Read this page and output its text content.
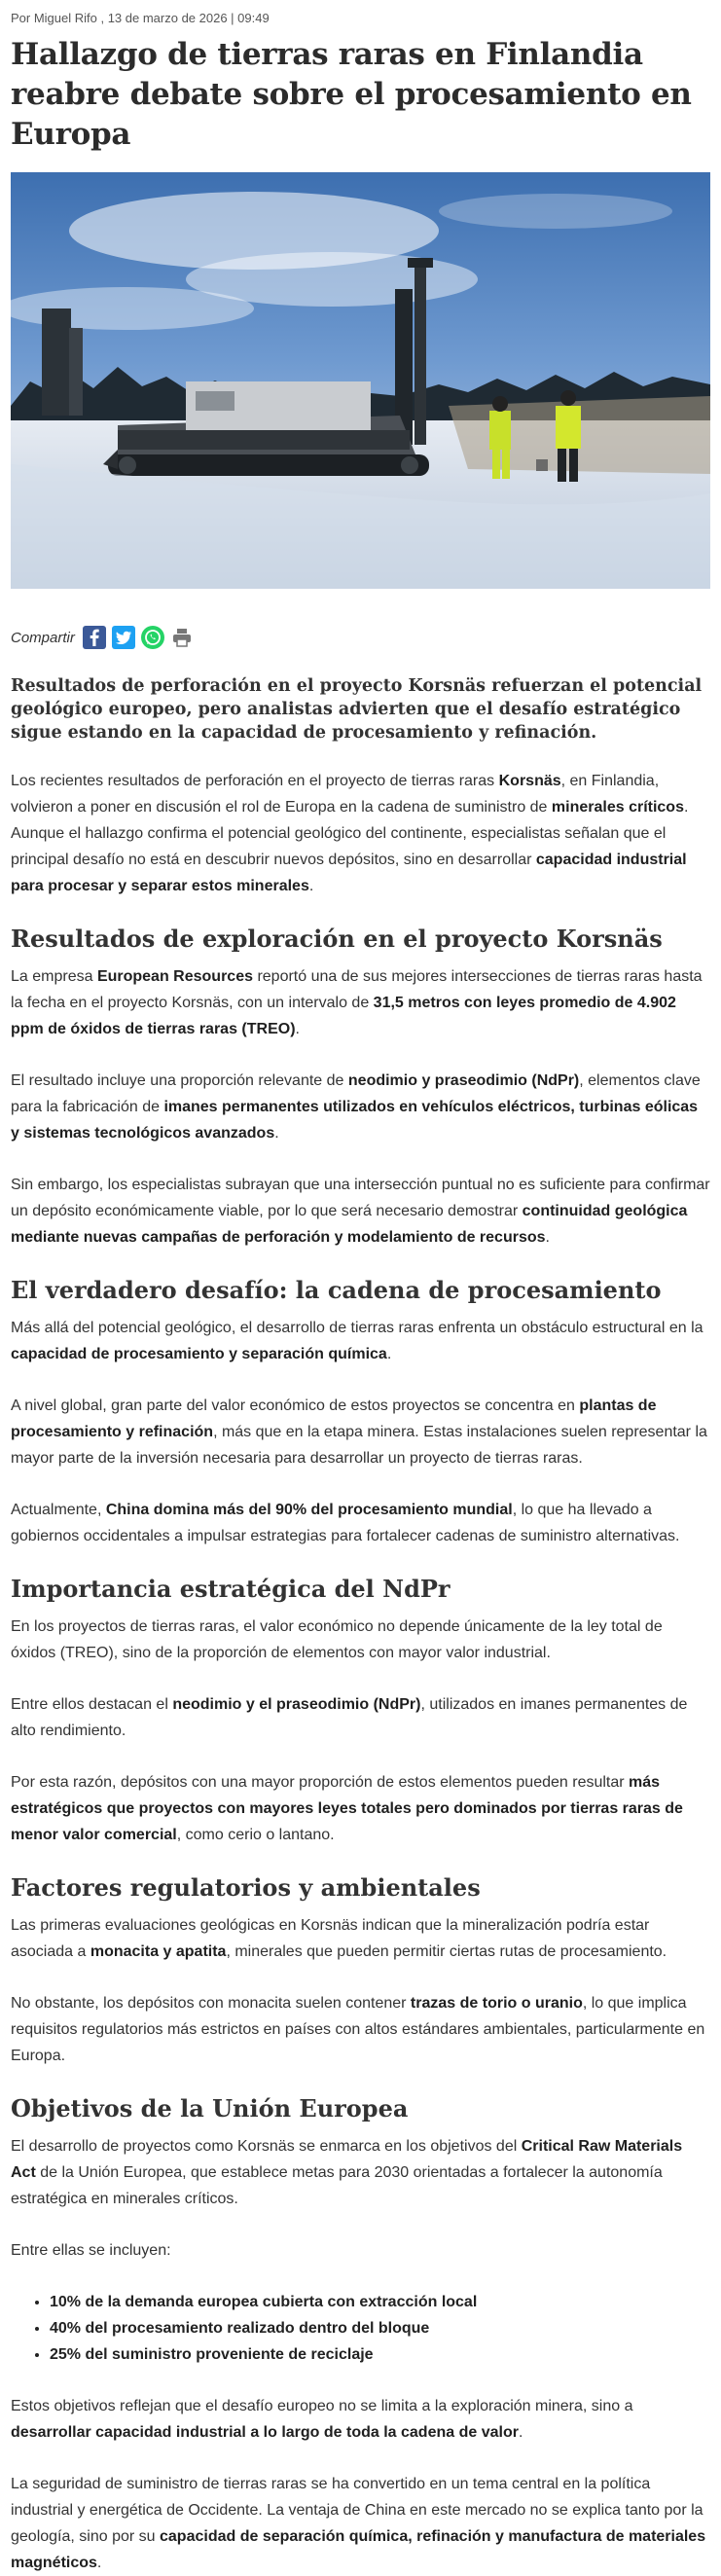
Por Miguel Rifo , 13 de marzo de 2026 | 09:49
Hallazgo de tierras raras en Finlandia reabre debate sobre el procesamiento en Europa
Compartir
Resultados de perforación en el proyecto Korsnäs refuerzan el potencial geológico europeo, pero analistas advierten que el desafío estratégico sigue estando en la capacidad de procesamiento y refinación.

Los recientes resultados de perforación en el proyecto de tierras raras Korsnäs, en Finlandia, volvieron a poner en discusión el rol de Europa en la cadena de suministro de minerales críticos. Aunque el hallazgo confirma el potencial geológico del continente, especialistas señalan que el principal desafío no está en descubrir nuevos depósitos, sino en desarrollar capacidad industrial para procesar y separar estos minerales.

Resultados de exploración en el proyecto Korsnäs

La empresa European Resources reportó una de sus mejores intersecciones de tierras raras hasta la fecha en el proyecto Korsnäs, con un intervalo de 31,5 metros con leyes promedio de 4.902 ppm de óxidos de tierras raras (TREO).

El resultado incluye una proporción relevante de neodimio y praseodimio (NdPr), elementos clave para la fabricación de imanes permanentes utilizados en vehículos eléctricos, turbinas eólicas y sistemas tecnológicos avanzados.

Sin embargo, los especialistas subrayan que una intersección puntual no es suficiente para confirmar un depósito económicamente viable, por lo que será necesario demostrar continuidad geológica mediante nuevas campañas de perforación y modelamiento de recursos.

El verdadero desafío: la cadena de procesamiento

Más allá del potencial geológico, el desarrollo de tierras raras enfrenta un obstáculo estructural en la capacidad de procesamiento y separación química.

A nivel global, gran parte del valor económico de estos proyectos se concentra en plantas de procesamiento y refinación, más que en la etapa minera. Estas instalaciones suelen representar la mayor parte de la inversión necesaria para desarrollar un proyecto de tierras raras.

Actualmente, China domina más del 90% del procesamiento mundial, lo que ha llevado a gobiernos occidentales a impulsar estrategias para fortalecer cadenas de suministro alternativas.

Importancia estratégica del NdPr

En los proyectos de tierras raras, el valor económico no depende únicamente de la ley total de óxidos (TREO), sino de la proporción de elementos con mayor valor industrial.

Entre ellos destacan el neodimio y el praseodimio (NdPr), utilizados en imanes permanentes de alto rendimiento.

Por esta razón, depósitos con una mayor proporción de estos elementos pueden resultar más estratégicos que proyectos con mayores leyes totales pero dominados por tierras raras de menor valor comercial, como cerio o lantano.

Factores regulatorios y ambientales

Las primeras evaluaciones geológicas en Korsnäs indican que la mineralización podría estar asociada a monacita y apatita, minerales que pueden permitir ciertas rutas de procesamiento.

No obstante, los depósitos con monacita suelen contener trazas de torio o uranio, lo que implica requisitos regulatorios más estrictos en países con altos estándares ambientales, particularmente en Europa.

Objetivos de la Unión Europea

El desarrollo de proyectos como Korsnäs se enmarca en los objetivos del Critical Raw Materials Act de la Unión Europea, que establece metas para 2030 orientadas a fortalecer la autonomía estratégica en minerales críticos.

Entre ellas se incluyen:

• 10% de la demanda europea cubierta con extracción local
• 40% del procesamiento realizado dentro del bloque
• 25% del suministro proveniente de reciclaje

Estos objetivos reflejan que el desafío europeo no se limita a la exploración minera, sino a desarrollar capacidad industrial a lo largo de toda la cadena de valor.

La seguridad de suministro de tierras raras se ha convertido en un tema central en la política industrial y energética de Occidente. La ventaja de China en este mercado no se explica tanto por la geología, sino por su capacidad de separación química, refinación y manufactura de materiales magnéticos.
